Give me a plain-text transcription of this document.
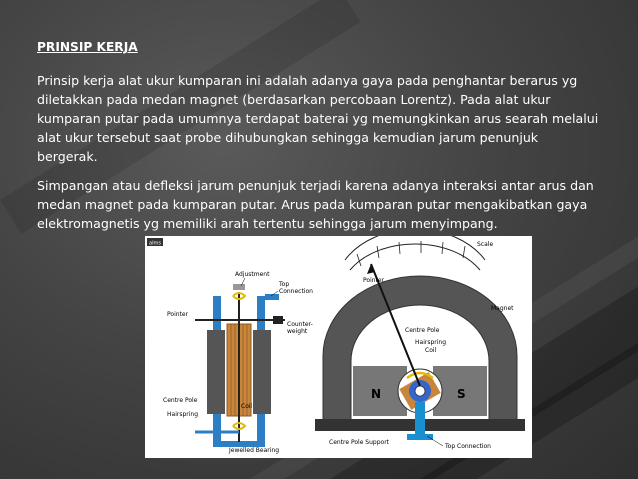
PRINSIP KERJA
Prinsip kerja alat ukur kumparan ini adalah adanya gaya pada penghantar berarus yg diletakkan pada medan magnet (berdasarkan percobaan Lorentz). Pada alat ukur kumparan putar pada umumnya terdapat baterai yg memungkinkan arus searah melalui alat ukur tersebut saat probe dihubungkan sehingga kemudian jarum penunjuk bergerak.
Simpangan atau defleksi jarum penunjuk terjadi karena adanya interaksi antar arus dan medan magnet pada kumparan putar. Arus pada kumparan putar mengakibatkan gaya elektromagnetis yg memiliki arah tertentu sehingga jarum menyimpang.
aIms
Adjustment
Top Connection
Pointer
Counter-weight
Centre Pole
Coil
Hairspring
Jewelled Bearing
Scale
N	S
Pointer
Magnet
Centre Pole
Hairspring Coil
Centre Pole Support
Top Connection
